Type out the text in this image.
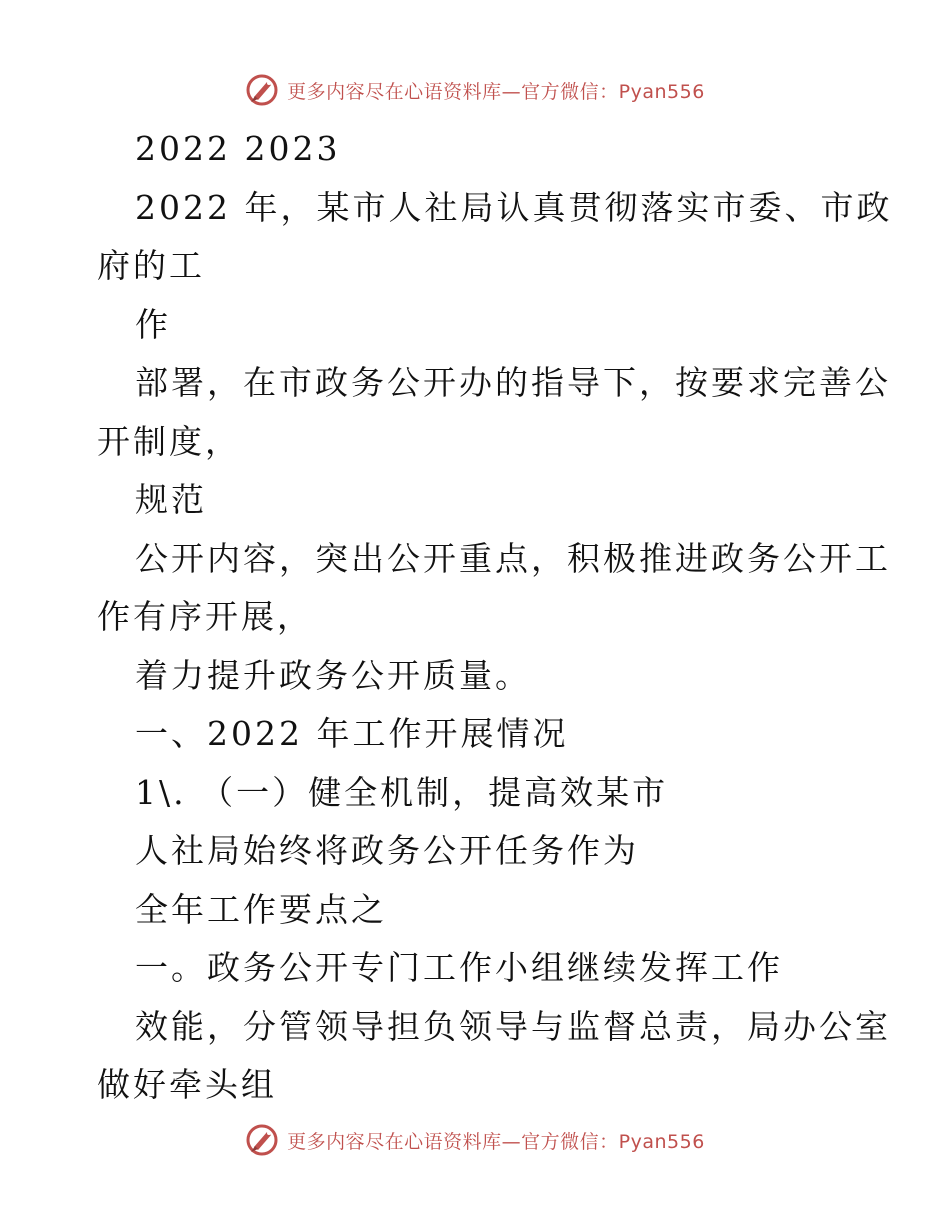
更多内容尽在心语资料库—官方微信：Pyan556
2022 2023
2022 年，某市人社局认真贯彻落实市委、市政
府的工
作
部署，在市政务公开办的指导下，按要求完善公
开制度，
规范
公开内容，突出公开重点，积极推进政务公开工
作有序开展，
着力提升政务公开质量。
一、2022 年工作开展情况
1\. （一）健全机制，提高效某市
人社局始终将政务公开任务作为
全年工作要点之
一。政务公开专门工作小组继续发挥工作
效能，分管领导担负领导与监督总责，局办公室
做好牵头组
更多内容尽在心语资料库—官方微信：Pyan556
